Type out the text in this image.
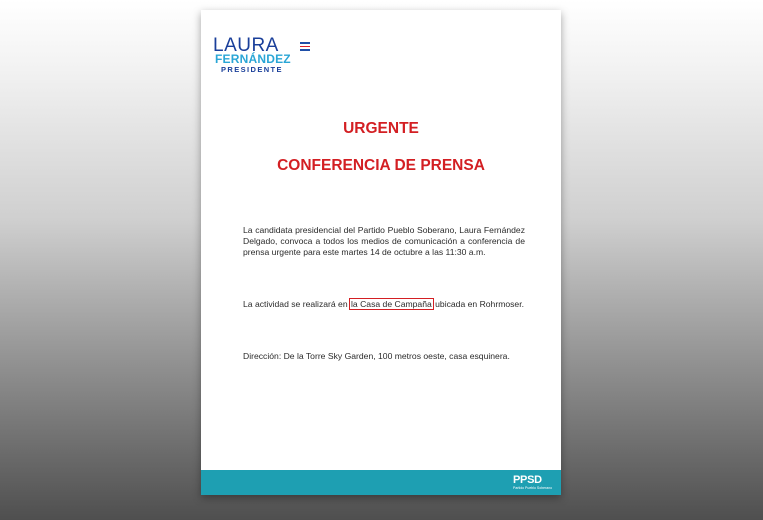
LAURA
FERNÁNDEZ
PRESIDENTE
URGENTE
CONFERENCIA DE PRENSA

La candidata presidencial del Partido Pueblo Soberano, Laura Fernández Delgado, convoca a todos los medios de comunicación a conferencia de prensa urgente para este martes 14 de octubre a las 11:30 a.m.

La actividad se realizará en la Casa de Campaña ubicada en Rohrmoser.

Dirección: De la Torre Sky Garden, 100 metros oeste, casa esquinera.

PPSD
Partido Pueblo Soberano
